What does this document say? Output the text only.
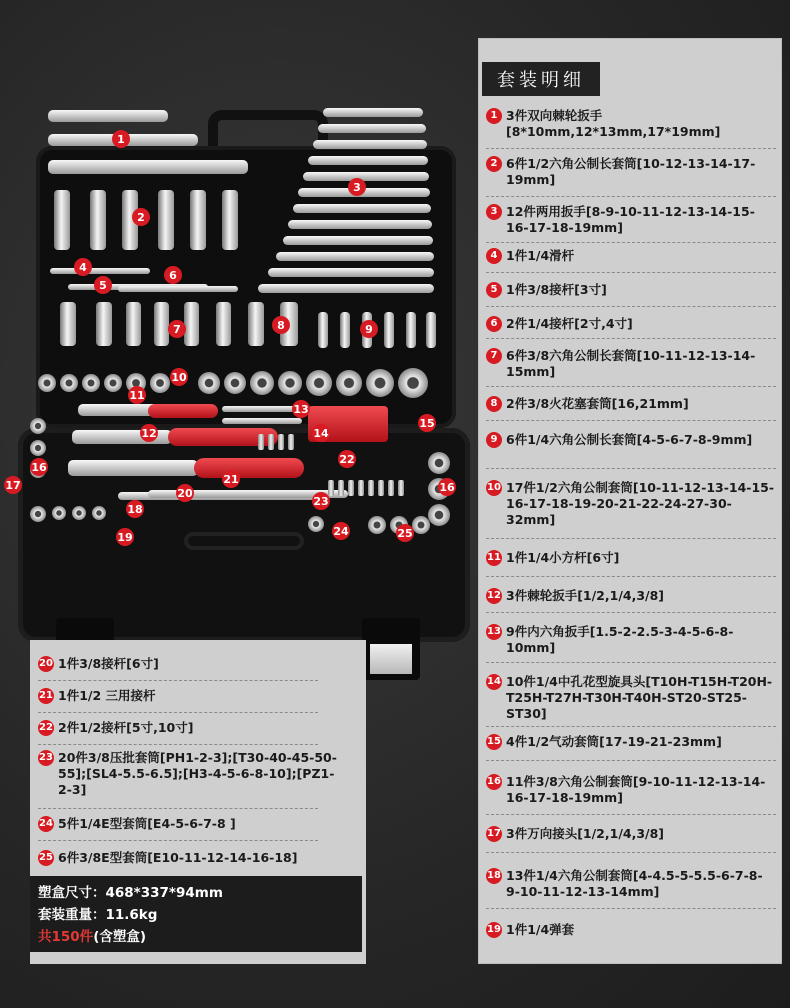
1
2
3
4
5
6
7	8	9
10
11
12
13
14
15
16
16
17
18
19
20
21
22
23
24	25
套装明细
1 3件双向棘轮扳手[8*10mm,12*13mm,17*19mm]
2 6件1/2六角公制长套筒[10-12-13-14-17-19mm]
3 12件两用扳手[8-9-10-11-12-13-14-15-16-17-18-19mm]
4 1件1/4滑杆
5 1件3/8接杆[3寸]
6 2件1/4接杆[2寸,4寸]
7 6件3/8六角公制长套筒[10-11-12-13-14-15mm]
8 2件3/8火花塞套筒[16,21mm]
9 6件1/4六角公制长套筒[4-5-6-7-8-9mm]
10 17件1/2六角公制套筒[10-11-12-13-14-15-16-17-18-19-20-21-22-24-27-30-32mm]
11 1件1/4小方杆[6寸]
12 3件棘轮扳手[1/2,1/4,3/8]
13 9件内六角扳手[1.5-2-2.5-3-4-5-6-8-10mm]
14 10件1/4中孔花型旋具头[T10H-T15H-T20H-T25H-T27H-T30H-T40H-ST20-ST25-ST30]
15 4件1/2气动套筒[17-19-21-23mm]
16 11件3/8六角公制套筒[9-10-11-12-13-14-16-17-18-19mm]
17 3件万向接头[1/2,1/4,3/8]
18 13件1/4六角公制套筒[4-4.5-5-5.5-6-7-8-9-10-11-12-13-14mm]
19 1件1/4弹套
20 1件3/8接杆[6寸]
21 1件1/2 三用接杆
22 2件1/2接杆[5寸,10寸]
23 20件3/8压批套筒[PH1-2-3];[T30-40-45-50-55];[SL4-5.5-6.5];[H3-4-5-6-8-10];[PZ1-2-3]
24 5件1/4E型套筒[E4-5-6-7-8 ]
25 6件3/8E型套筒[E10-11-12-14-16-18]
塑盒尺寸：468*337*94mm
套装重量：11.6kg
共150件(含塑盒)
